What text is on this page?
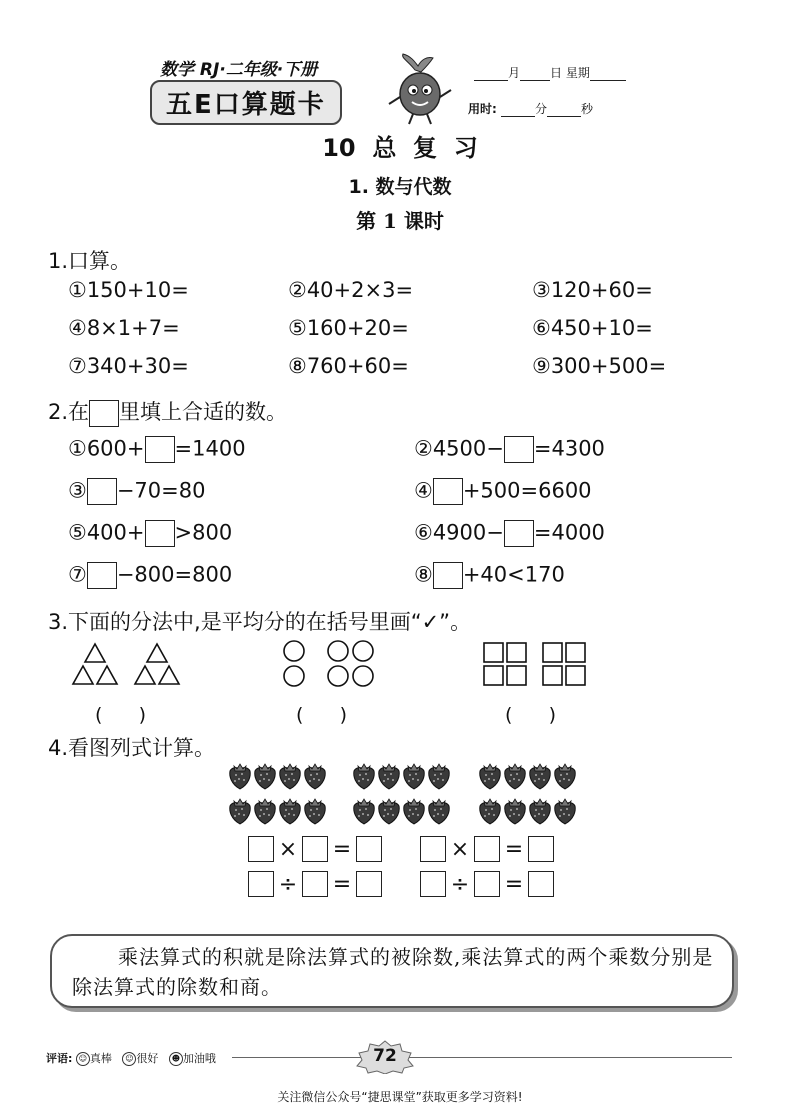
数学 RJ·二年级·下册
五E口算题卡
月	日 星期
用时:	分	秒
10  总  复  习
1. 数与代数
第 1 课时
1.口算。
①150+10=	②40+2×3=	③120+60=
④8×1+7=	⑤160+20=	⑥450+10=
⑦340+30=	⑧760+60=	⑨300+500=
2.在 里填上合适的数。
①600+ =1400	②4500− =4300
③ −70=80	④ +500=6600
⑤400+ >800	⑥4900− =4000
⑦ −800=800	⑧ +40<170
3.下面的分法中,是平均分的在括号里画“✓”。
(      )	(      )	(      )
4.看图列式计算。
× =	× =
÷ =	÷ =
乘法算式的积就是除法算式的被除数,乘法算式的两个乘数分别是除法算式的除数和商。
评语: ☺ 真棒 ☺ 很好 ☻ 加油哦	72
关注微信公众号“捷思课堂”获取更多学习资料!
